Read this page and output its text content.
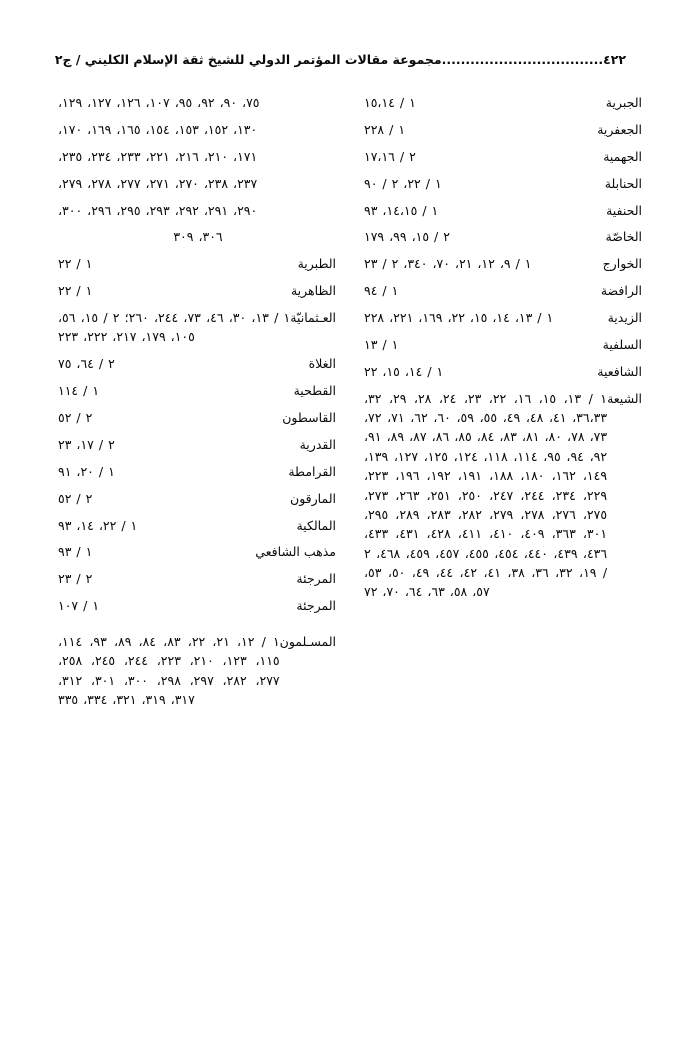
٤٢٢..................................مجموعة مقالات المؤتمر الدولي للشيخ ثقة الإسلام الكليني / ج٢
الجبرية
١ / ١٥،١٤
الجعفرية
١ / ٢٢٨
الجهمية
٢ / ١٧،١٦
الحنابلة
١ / ٢٢، ٢ / ٩٠
الحنفية
١ / ١٤،١٥، ٩٣
الخاصّة
٢ / ١٥، ٩٩، ١٧٩
الخوارج
١ / ٩، ١٢، ٢١، ٧٠، ٣٤٠، ٢ / ٢٣
الرافضة
١ / ٩٤
الزيدية
١ / ١٣، ١٤، ١٥، ٢٢، ١٦٩، ٢٢١، ٢٢٨
السلفية
١ / ١٣
الشافعية
١ / ١٤، ١٥، ٢٢
الشيعة
١ / ١٣، ١٥، ١٦، ٢٢، ٢٣، ٢٤، ٢٨، ٢٩، ٣٢، ٣٦،٣٣، ٤١، ٤٨، ٤٩، ٥٥، ٥٩، ٦٠، ٦٢، ٧١، ٧٢، ٧٣، ٧٨، ٨٠، ٨١، ٨٣، ٨٤، ٨٥، ٨٦، ٨٧، ٨٩، ٩١، ٩٢، ٩٤، ٩٥، ١١٤، ١١٨، ١٢٤، ١٢٥، ١٢٧، ١٣٩، ١٤٩، ١٦٢، ١٨٠، ١٨٨، ١٩١، ١٩٢، ١٩٦، ٢٢٣، ٢٢٩، ٢٣٤، ٢٤٤، ٢٤٧، ٢٥٠، ٢٥١، ٢٦٣، ٢٧٣، ٢٧٥، ٢٧٦، ٢٧٨، ٢٧٩، ٢٨٢، ٢٨٣، ٢٨٩، ٢٩٥، ٣٠١، ٣٦٣، ٤٠٩، ٤١٠، ٤١١، ٤٢٨، ٤٣١، ٤٣٣، ٤٣٦، ٤٣٩، ٤٤٠، ٤٥٤، ٤٥٥، ٤٥٧، ٤٥٩، ٤٦٨، ٢ / ١٩، ٣٢، ٣٦، ٣٨، ٤١، ٤٢، ٤٤، ٤٩، ٥٠، ٥٣، ٥٧، ٥٨، ٦٣، ٦٤، ٧٠، ٧٢
٧٥، ٩٠، ٩٢، ٩٥، ١٠٧، ١٢٦، ١٢٧، ١٢٩،
١٣٠، ١٥٢، ١٥٣، ١٥٤، ١٦٥، ١٦٩، ١٧٠،
١٧١، ٢١٠، ٢١٦، ٢٢١، ٢٣٣، ٢٣٤، ٢٣٥،
٢٣٧، ٢٣٨، ٢٧٠، ٢٧١، ٢٧٧، ٢٧٨، ٢٧٩،
٢٩٠، ٢٩١، ٢٩٢، ٢٩٣، ٢٩٥، ٢٩٦، ٣٠٠،
٣٠٦، ٣٠٩
الطبرية
١ / ٢٢
الظاهرية
١ / ٢٢
العـثمانيّة
١ / ١٣، ٣٠، ٤٦، ٧٣، ٢٤٤، ٢٦٠؛ ٢ / ١٥، ٥٦، ١٠٥، ١٧٩، ٢١٧، ٢٢٢، ٢٢٣
الغلاة
٢ / ٦٤، ٧٥
القطحية
١ / ١١٤
القاسطون
٢ / ٥٢
القدرية
٢ / ١٧، ٢٣
القرامطة
١ / ٢٠، ٩١
المارقون
٢ / ٥٢
المالكية
١ / ٢٢، ١٤، ٩٣
مذهب الشافعي
١ / ٩٣
المرجئة
٢ / ٢٣
المرجئة
١ / ١٠٧
المسـلمون
١ / ١٢، ٢١، ٢٢، ٨٣، ٨٤، ٨٩، ٩٣، ١١٤، ١١٥، ١٢٣، ٢١٠، ٢٢٣، ٢٤٤، ٢٤٥، ٢٥٨، ٢٧٧، ٢٨٢، ٢٩٧، ٢٩٨، ٣٠٠، ٣٠١، ٣١٢، ٣١٧، ٣١٩، ٣٢١، ٣٣٤، ٣٣٥
